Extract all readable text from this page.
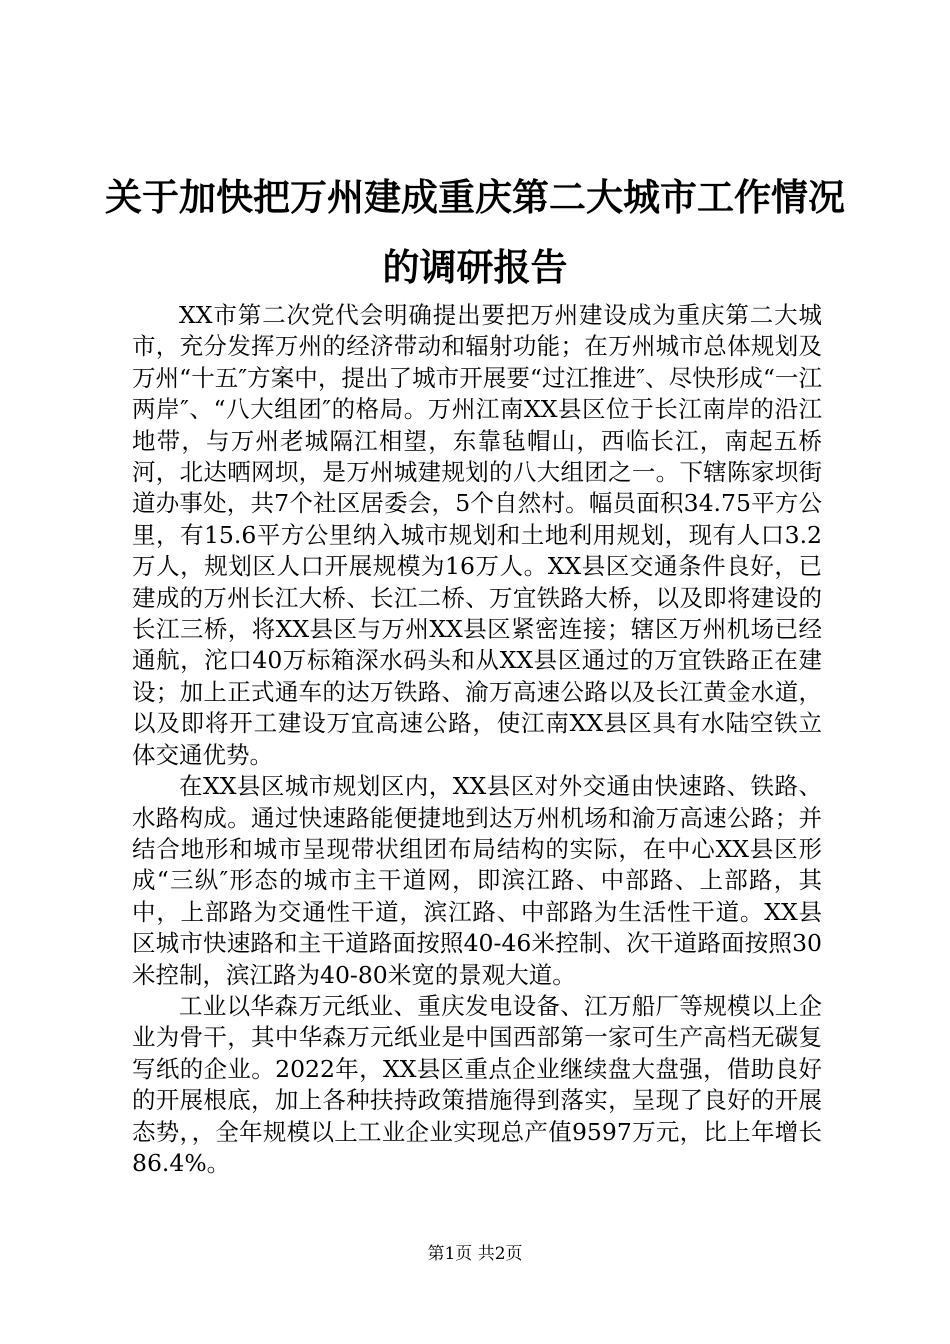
关于加快把万州建成重庆第二大城市工作情况的调研报告

XX市第二次党代会明确提出要把万州建设成为重庆第二大城市，充分发挥万州的经济带动和辐射功能；在万州城市总体规划及万州“十五″方案中，提出了城市开展要“过江推进″、尽快形成“一江两岸″、“八大组团″的格局。万州江南XX县区位于长江南岸的沿江地带，与万州老城隔江相望，东靠毡帽山，西临长江，南起五桥河，北达晒网坝，是万州城建规划的八大组团之一。下辖陈家坝街道办事处，共7个社区居委会，5个自然村。幅员面积34.75平方公里，有15.6平方公里纳入城市规划和土地利用规划，现有人口3.2万人，规划区人口开展规模为16万人。XX县区交通条件良好，已建成的万州长江大桥、长江二桥、万宜铁路大桥，以及即将建设的长江三桥，将XX县区与万州XX县区紧密连接；辖区万州机场已经通航，沱口40万标箱深水码头和从XX县区通过的万宜铁路正在建设；加上正式通车的达万铁路、渝万高速公路以及长江黄金水道，以及即将开工建设万宜高速公路，使江南XX县区具有水陆空铁立体交通优势。

在XX县区城市规划区内，XX县区对外交通由快速路、铁路、水路构成。通过快速路能便捷地到达万州机场和渝万高速公路；并结合地形和城市呈现带状组团布局结构的实际，在中心XX县区形成“三纵″形态的城市主干道网，即滨江路、中部路、上部路，其中，上部路为交通性干道，滨江路、中部路为生活性干道。XX县区城市快速路和主干道路面按照40-46米控制、次干道路面按照30米控制，滨江路为40-80米宽的景观大道。

工业以华森万元纸业、重庆发电设备、江万船厂等规模以上企业为骨干，其中华森万元纸业是中国西部第一家可生产高档无碳复写纸的企业。2022年，XX县区重点企业继续盘大盘强，借助良好的开展根底，加上各种扶持政策措施得到落实，呈现了良好的开展态势，，全年规模以上工业企业实现总产值9597万元，比上年增长86.4%。

第1页 共2页
